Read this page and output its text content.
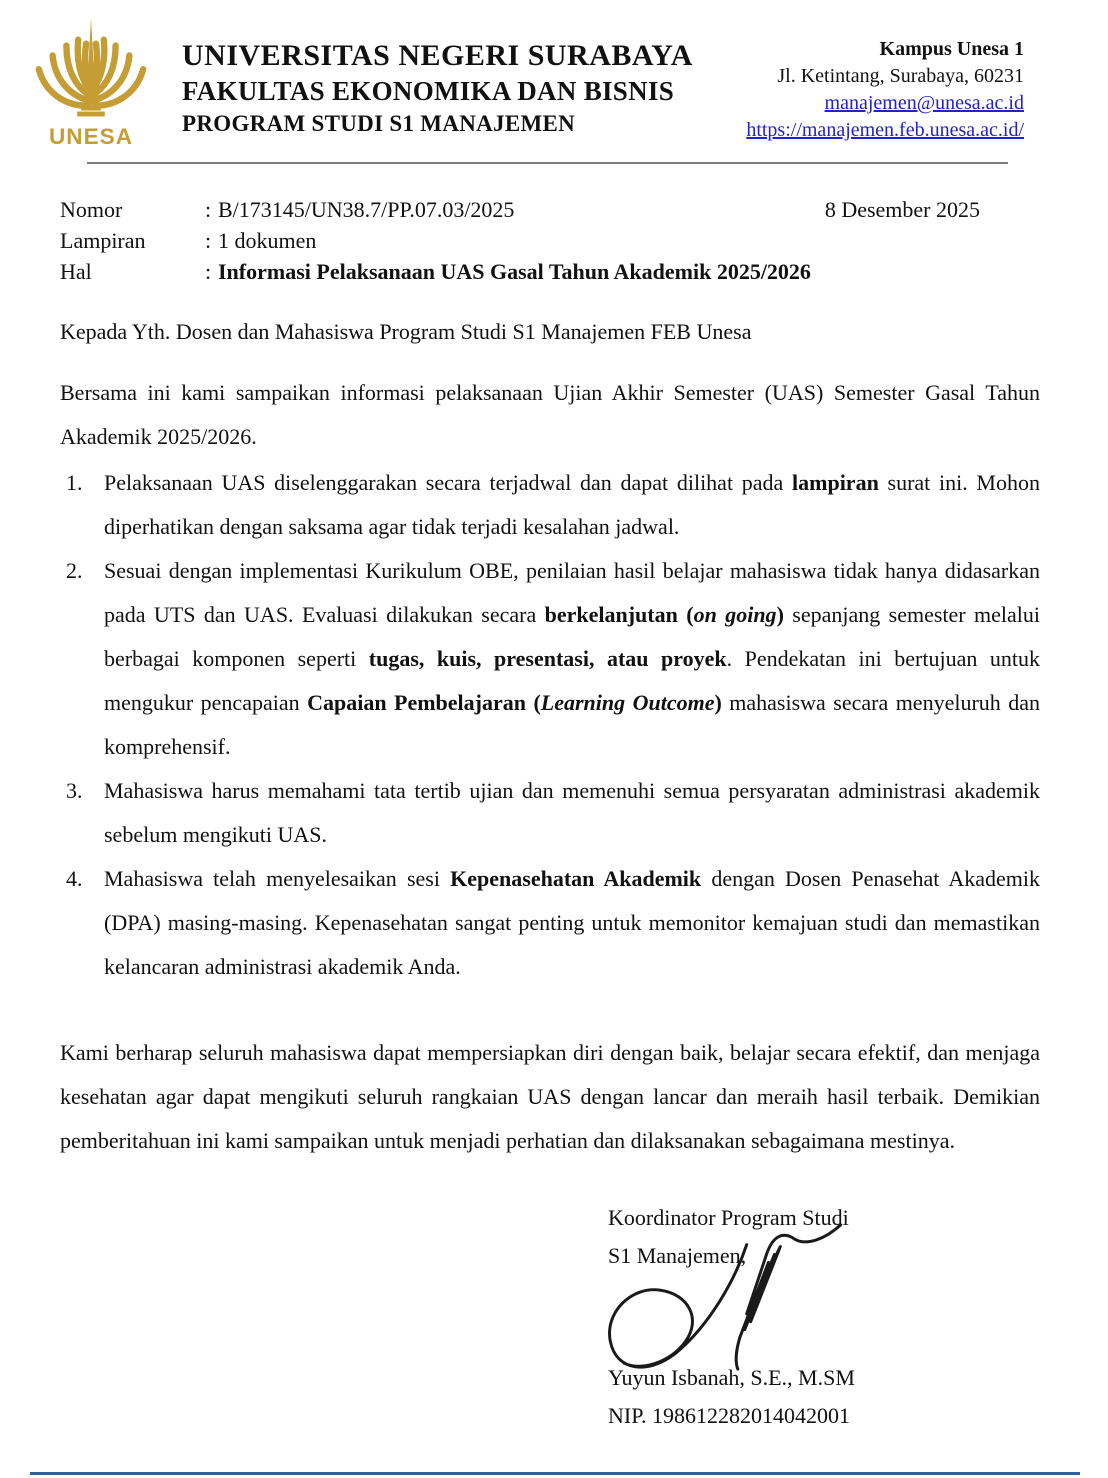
UNESA
UNIVERSITAS NEGERI SURABAYA
FAKULTAS EKONOMIKA DAN BISNIS
PROGRAM STUDI S1 MANAJEMEN
Kampus Unesa 1
Jl. Ketintang, Surabaya, 60231
manajemen@unesa.ac.id
https://manajemen.feb.unesa.ac.id/
Nomor	: B/173145/UN38.7/PP.07.03/2025
Lampiran	: 1 dokumen
Hal	: Informasi Pelaksanaan UAS Gasal Tahun Akademik 2025/2026
8 Desember 2025
Kepada Yth. Dosen dan Mahasiswa Program Studi S1 Manajemen FEB Unesa
Bersama ini kami sampaikan informasi pelaksanaan Ujian Akhir Semester (UAS) Semester Gasal Tahun Akademik 2025/2026.
1. Pelaksanaan UAS diselenggarakan secara terjadwal dan dapat dilihat pada lampiran surat ini. Mohon diperhatikan dengan saksama agar tidak terjadi kesalahan jadwal.
2. Sesuai dengan implementasi Kurikulum OBE, penilaian hasil belajar mahasiswa tidak hanya didasarkan pada UTS dan UAS. Evaluasi dilakukan secara berkelanjutan (on going) sepanjang semester melalui berbagai komponen seperti tugas, kuis, presentasi, atau proyek. Pendekatan ini bertujuan untuk mengukur pencapaian Capaian Pembelajaran (Learning Outcome) mahasiswa secara menyeluruh dan komprehensif.
3. Mahasiswa harus memahami tata tertib ujian dan memenuhi semua persyaratan administrasi akademik sebelum mengikuti UAS.
4. Mahasiswa telah menyelesaikan sesi Kepenasehatan Akademik dengan Dosen Penasehat Akademik (DPA) masing-masing. Kepenasehatan sangat penting untuk memonitor kemajuan studi dan memastikan kelancaran administrasi akademik Anda.
Kami berharap seluruh mahasiswa dapat mempersiapkan diri dengan baik, belajar secara efektif, dan menjaga kesehatan agar dapat mengikuti seluruh rangkaian UAS dengan lancar dan meraih hasil terbaik. Demikian pemberitahuan ini kami sampaikan untuk menjadi perhatian dan dilaksanakan sebagaimana mestinya.
Koordinator Program Studi
S1 Manajemen,
Yuyun Isbanah, S.E., M.SM
NIP. 198612282014042001
